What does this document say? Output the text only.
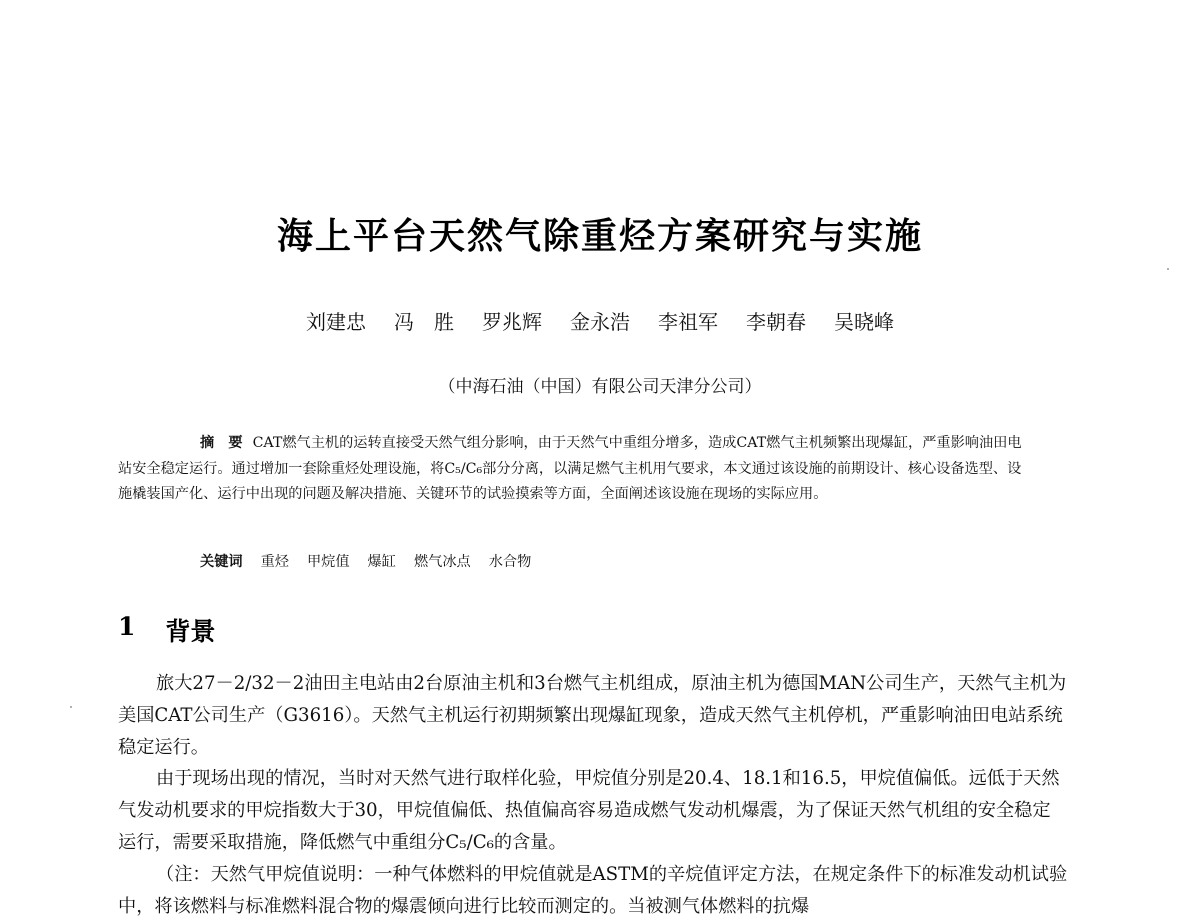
海上平台天然气除重烃方案研究与实施
刘建忠 冯　胜 罗兆辉 金永浩 李祖军 李朝春 吴晓峰
（中海石油（中国）有限公司天津分公司）
摘　要 CAT燃气主机的运转直接受天然气组分影响，由于天然气中重组分增多，造成CAT燃气主机频繁出现爆缸，严重影响油田电站安全稳定运行。通过增加一套除重烃处理设施，将C₅/C₆部分分离，以满足燃气主机用气要求，本文通过该设施的前期设计、核心设备选型、设施橇装国产化、运行中出现的问题及解决措施、关键环节的试验摸索等方面，全面阐述该设施在现场的实际应用。
关键词 重烃 甲烷值 爆缸 燃气冰点 水合物
1 背景

旅大27－2/32－2油田主电站由2台原油主机和3台燃气主机组成，原油主机为德国MAN公司生产，天然气主机为美国CAT公司生产（G3616）。天然气主机运行初期频繁出现爆缸现象，造成天然气主机停机，严重影响油田电站系统稳定运行。

由于现场出现的情况，当时对天然气进行取样化验，甲烷值分别是20.4、18.1和16.5，甲烷值偏低。远低于天然气发动机要求的甲烷指数大于30，甲烷值偏低、热值偏高容易造成燃气发动机爆震，为了保证天然气机组的安全稳定运行，需要采取措施，降低燃气中重组分C₅/C₆的含量。

（注：天然气甲烷值说明：一种气体燃料的甲烷值就是ASTM的辛烷值评定方法，在规定条件下的标准发动机试验中，将该燃料与标准燃料混合物的爆震倾向进行比较而测定的。当被测气体燃料的抗爆
